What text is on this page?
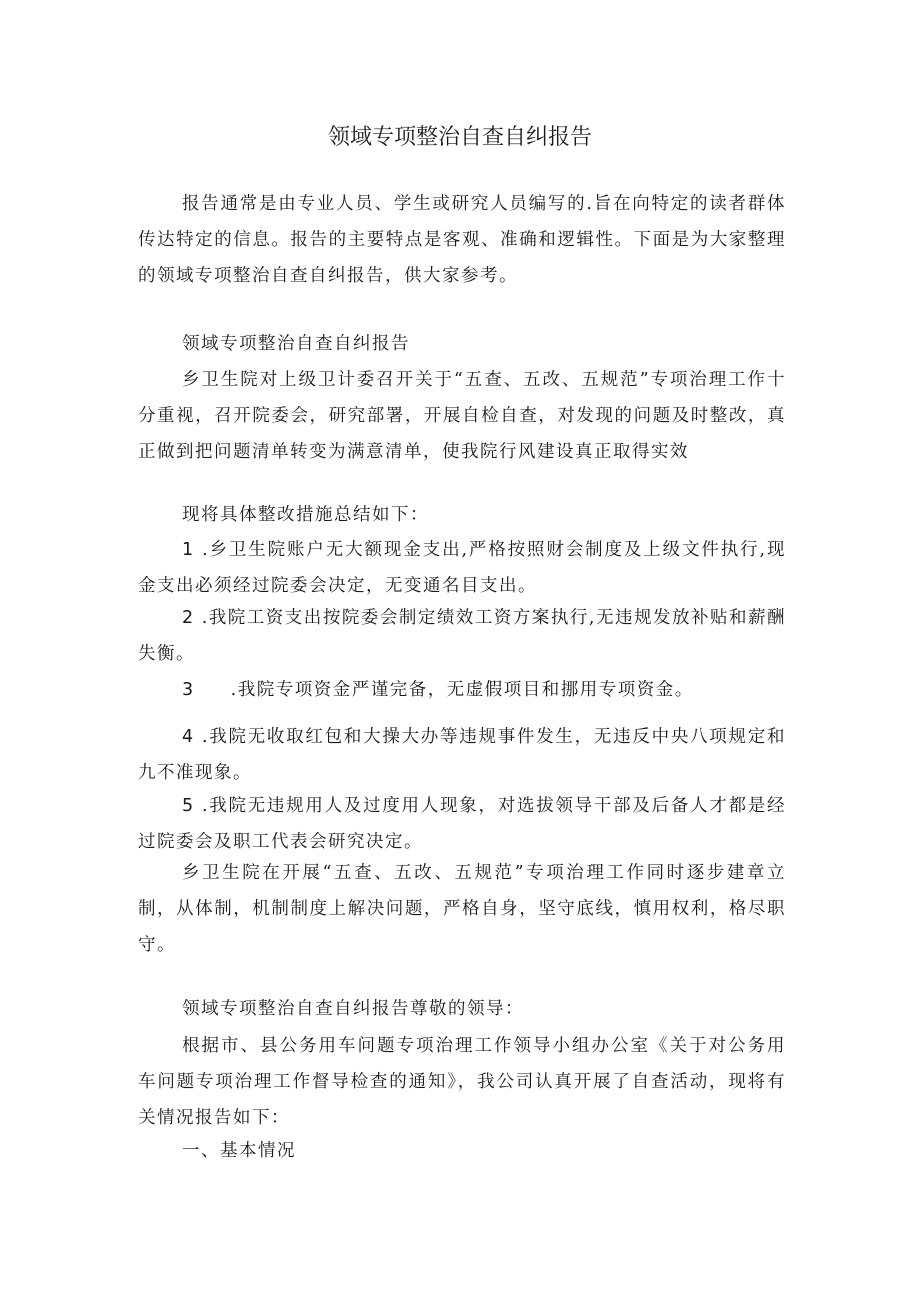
领域专项整治自查自纠报告

报告通常是由专业人员、学生或研究人员编写的.旨在向特定的读者群体传达特定的信息。报告的主要特点是客观、准确和逻辑性。下面是为大家整理的领域专项整治自查自纠报告，供大家参考。

领域专项整治自查自纠报告

乡卫生院对上级卫计委召开关于“五查、五改、五规范”专项治理工作十分重视，召开院委会，研究部署，开展自检自查，对发现的问题及时整改，真正做到把问题清单转变为满意清单，使我院行风建设真正取得实效

现将具体整改措施总结如下：

1 .乡卫生院账户无大额现金支出,严格按照财会制度及上级文件执行,现金支出必须经过院委会决定，无变通名目支出。

2 .我院工资支出按院委会制定绩效工资方案执行,无违规发放补贴和薪酬失衡。

3 .我院专项资金严谨完备，无虚假项目和挪用专项资金。

4 .我院无收取红包和大操大办等违规事件发生，无违反中央八项规定和九不准现象。

5 .我院无违规用人及过度用人现象，对选拔领导干部及后备人才都是经过院委会及职工代表会研究决定。

乡卫生院在开展“五查、五改、五规范”专项治理工作同时逐步建章立制，从体制，机制制度上解决问题，严格自身，坚守底线，慎用权利，格尽职守。

领域专项整治自查自纠报告尊敬的领导：

根据市、县公务用车问题专项治理工作领导小组办公室《关于对公务用车问题专项治理工作督导检查的通知》，我公司认真开展了自查活动，现将有关情况报告如下：

一、基本情况
